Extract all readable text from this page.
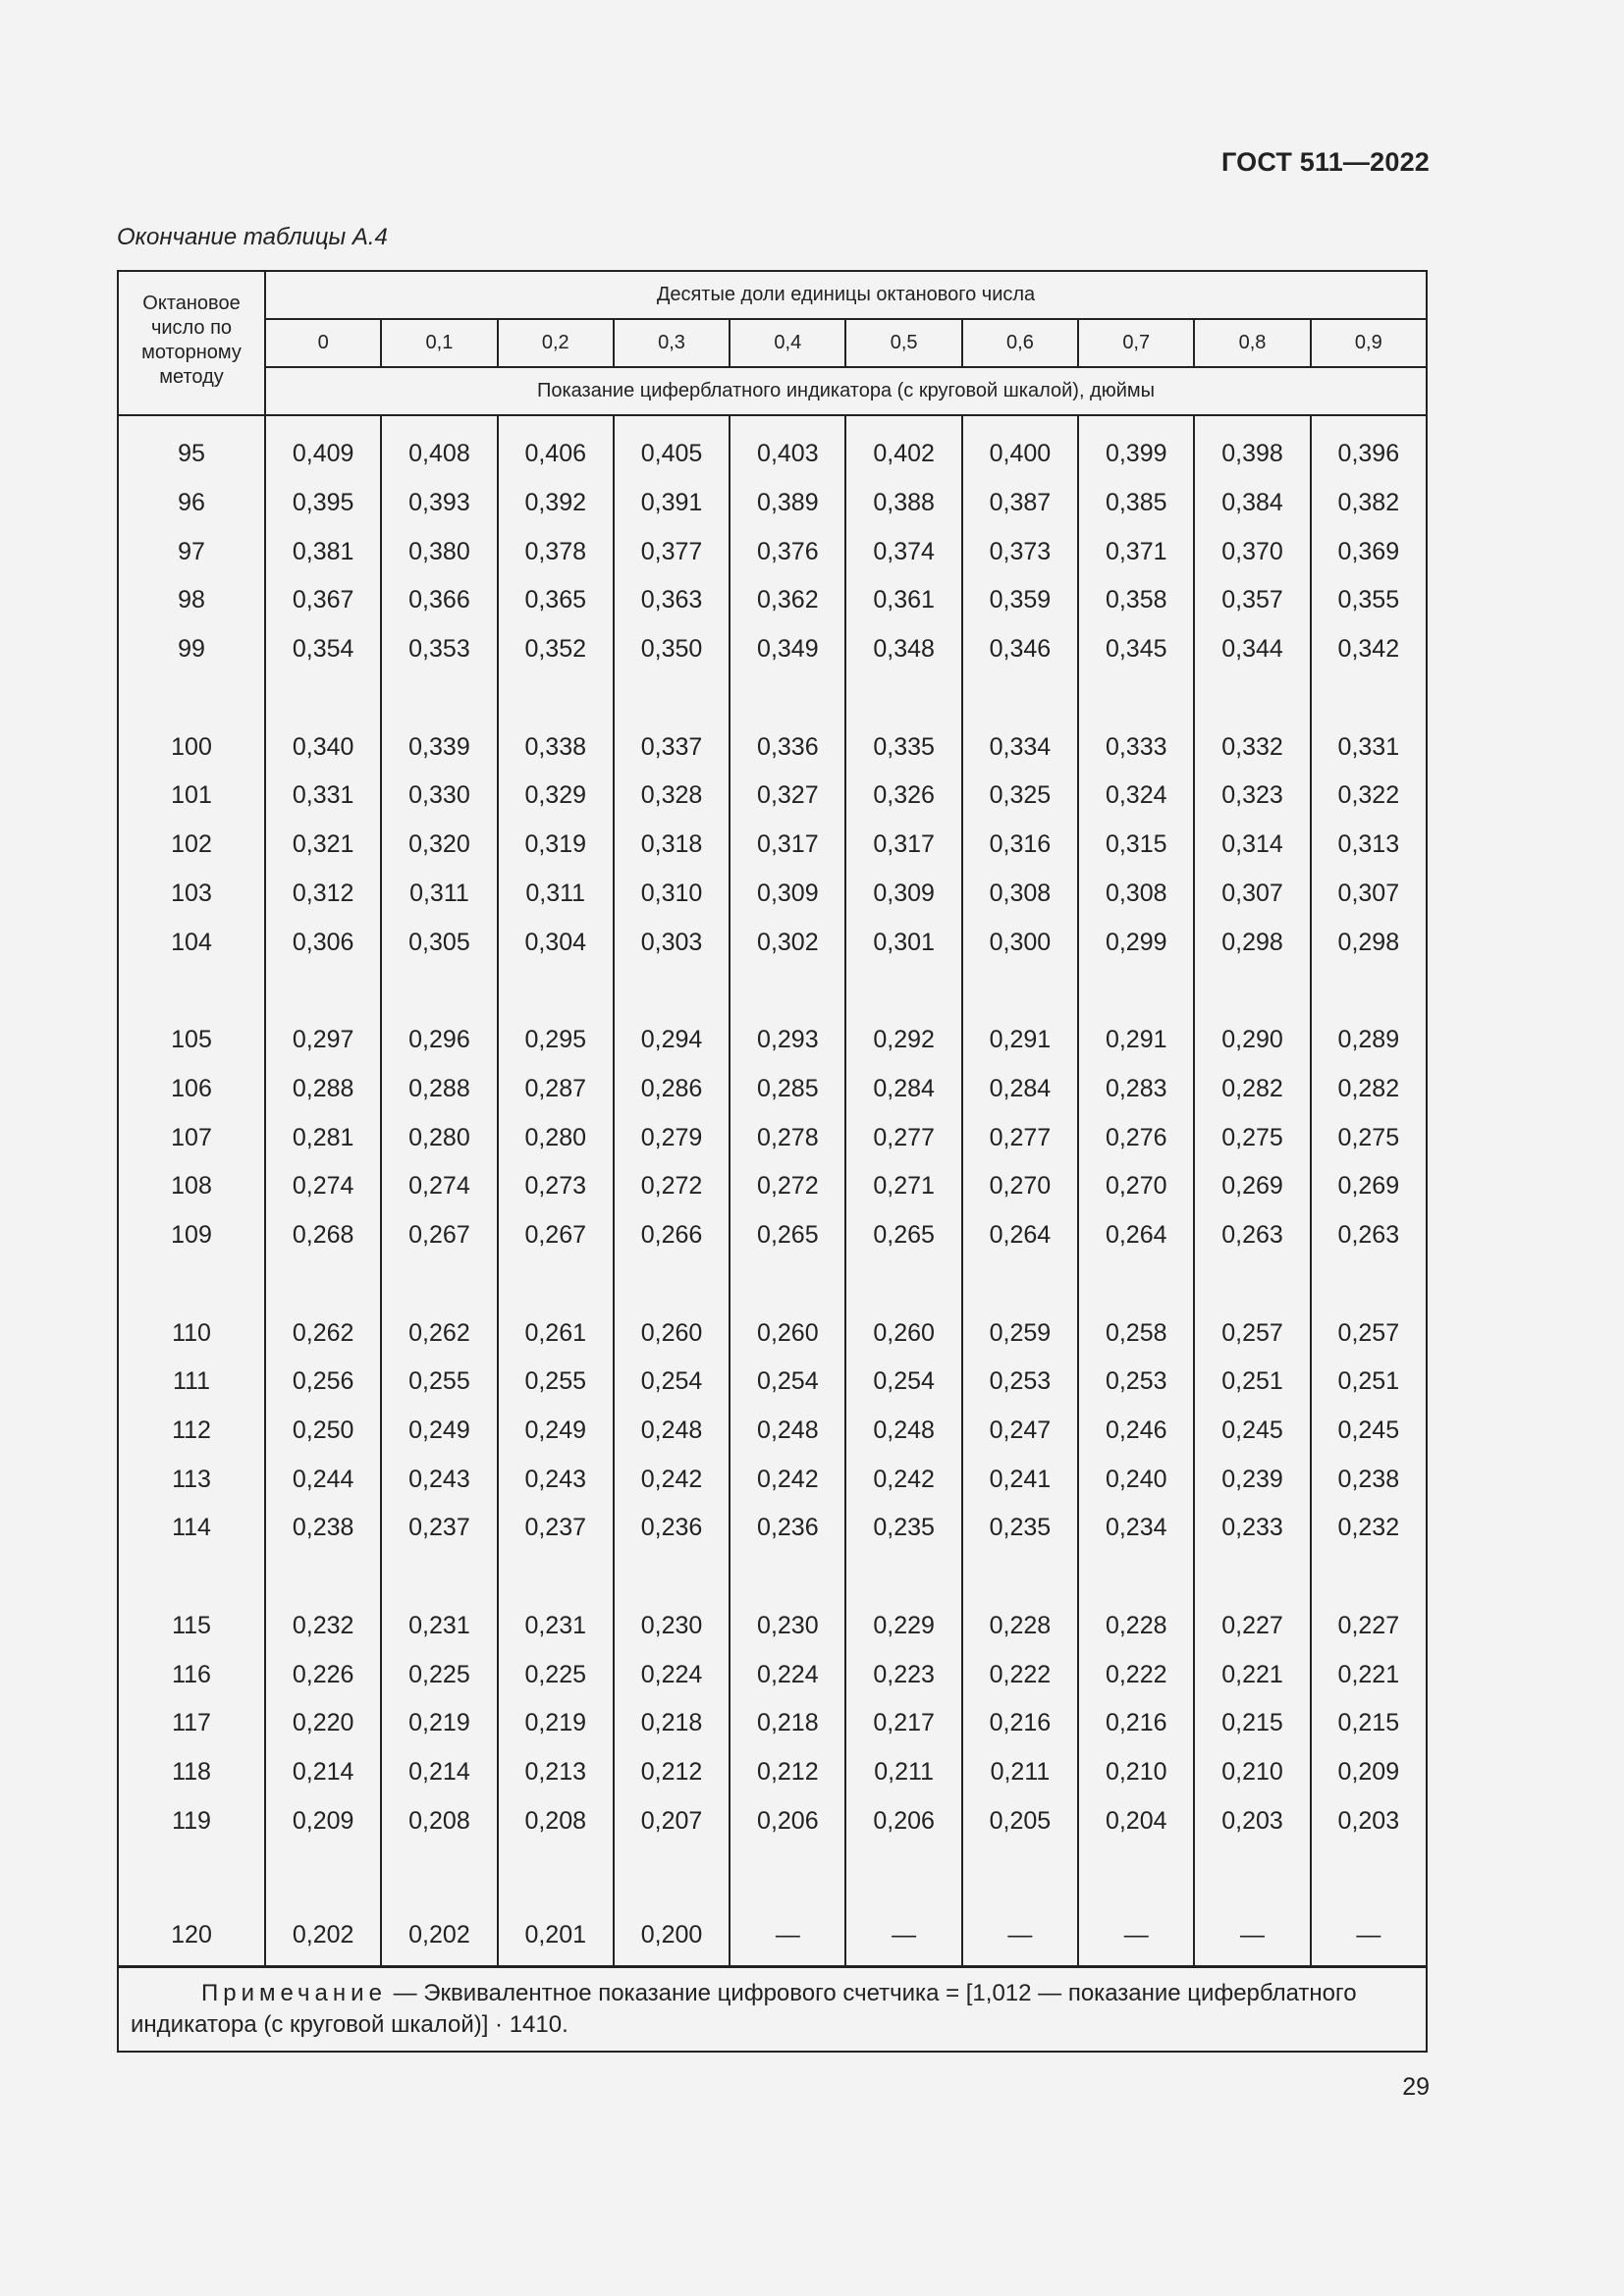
ГОСТ 511—2022
Окончание таблицы А.4
Октановое число по моторному методу	Десятые доли единицы октанового числа									
	0	0,1	0,2	0,3	0,4	0,5	0,6	0,7	0,8	0,9
	Показание циферблатного индикатора (с круговой шкалой), дюймы									
95	0,409	0,408	0,406	0,405	0,403	0,402	0,400	0,399	0,398	0,396
96	0,395	0,393	0,392	0,391	0,389	0,388	0,387	0,385	0,384	0,382
97	0,381	0,380	0,378	0,377	0,376	0,374	0,373	0,371	0,370	0,369
98	0,367	0,366	0,365	0,363	0,362	0,361	0,359	0,358	0,357	0,355
99	0,354	0,353	0,352	0,350	0,349	0,348	0,346	0,345	0,344	0,342

100	0,340	0,339	0,338	0,337	0,336	0,335	0,334	0,333	0,332	0,331
101	0,331	0,330	0,329	0,328	0,327	0,326	0,325	0,324	0,323	0,322
102	0,321	0,320	0,319	0,318	0,317	0,317	0,316	0,315	0,314	0,313
103	0,312	0,311	0,311	0,310	0,309	0,309	0,308	0,308	0,307	0,307
104	0,306	0,305	0,304	0,303	0,302	0,301	0,300	0,299	0,298	0,298

105	0,297	0,296	0,295	0,294	0,293	0,292	0,291	0,291	0,290	0,289
106	0,288	0,288	0,287	0,286	0,285	0,284	0,284	0,283	0,282	0,282
107	0,281	0,280	0,280	0,279	0,278	0,277	0,277	0,276	0,275	0,275
108	0,274	0,274	0,273	0,272	0,272	0,271	0,270	0,270	0,269	0,269
109	0,268	0,267	0,267	0,266	0,265	0,265	0,264	0,264	0,263	0,263

110	0,262	0,262	0,261	0,260	0,260	0,260	0,259	0,258	0,257	0,257
111	0,256	0,255	0,255	0,254	0,254	0,254	0,253	0,253	0,251	0,251
112	0,250	0,249	0,249	0,248	0,248	0,248	0,247	0,246	0,245	0,245
113	0,244	0,243	0,243	0,242	0,242	0,242	0,241	0,240	0,239	0,238
114	0,238	0,237	0,237	0,236	0,236	0,235	0,235	0,234	0,233	0,232

115	0,232	0,231	0,231	0,230	0,230	0,229	0,228	0,228	0,227	0,227
116	0,226	0,225	0,225	0,224	0,224	0,223	0,222	0,222	0,221	0,221
117	0,220	0,219	0,219	0,218	0,218	0,217	0,216	0,216	0,215	0,215
118	0,214	0,214	0,213	0,212	0,212	0,211	0,211	0,210	0,210	0,209
119	0,209	0,208	0,208	0,207	0,206	0,206	0,205	0,204	0,203	0,203

120	0,202	0,202	0,201	0,200	—	—	—	—	—	—
Примечание — Эквивалентное показание цифрового счетчика = [1,012 — показание циферблатного индикатора (с круговой шкалой)] · 1410.										
29
